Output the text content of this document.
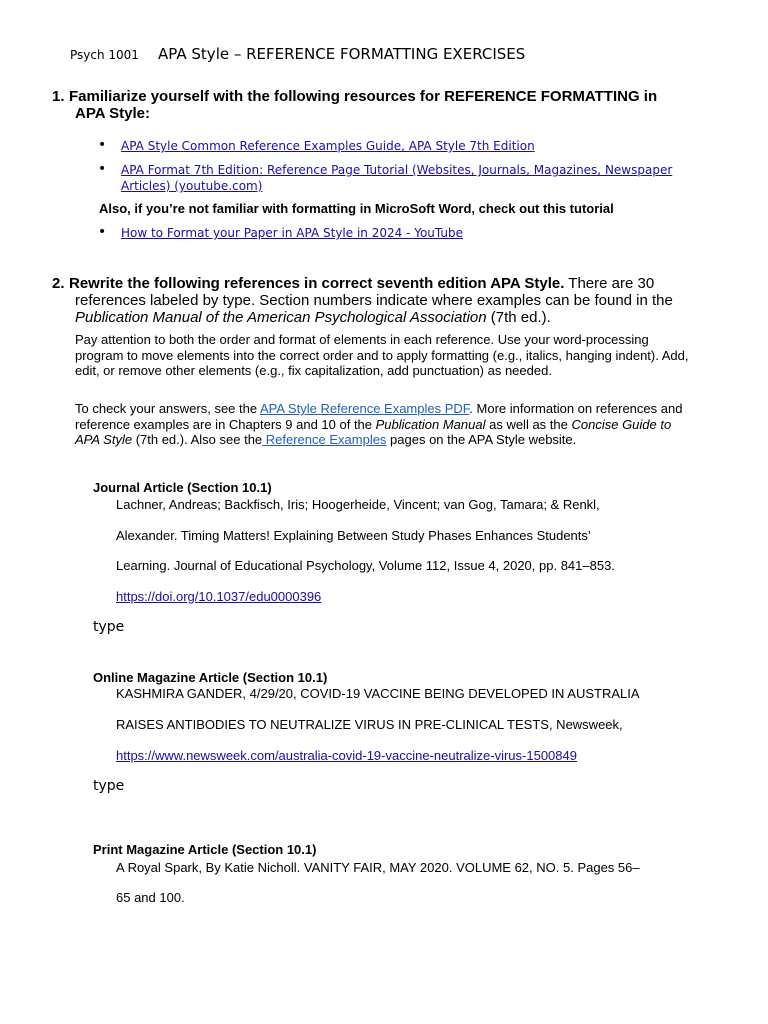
Psych 1001 APA Style – REFERENCE FORMATTING EXERCISES
1. Familiarize yourself with the following resources for REFERENCE FORMATTING in
APA Style:
• APA Style Common Reference Examples Guide, APA Style 7th Edition
• APA Format 7th Edition: Reference Page Tutorial (Websites, Journals, Magazines, Newspaper Articles) (youtube.com)
Also, if you’re not familiar with formatting in MicroSoft Word, check out this tutorial
• How to Format your Paper in APA Style in 2024 - YouTube
2. Rewrite the following references in correct seventh edition APA Style. There are 30 references labeled by type. Section numbers indicate where examples can be found in the Publication Manual of the American Psychological Association (7th ed.).
Pay attention to both the order and format of elements in each reference. Use your word-processing program to move elements into the correct order and to apply formatting (e.g., italics, hanging indent). Add, edit, or remove other elements (e.g., fix capitalization, add punctuation) as needed.
To check your answers, see the APA Style Reference Examples PDF. More information on references and reference examples are in Chapters 9 and 10 of the Publication Manual as well as the Concise Guide to APA Style (7th ed.). Also see the Reference Examples pages on the APA Style website.
Journal Article (Section 10.1)
Lachner, Andreas; Backfisch, Iris; Hoogerheide, Vincent; van Gog, Tamara; & Renkl,
Alexander. Timing Matters! Explaining Between Study Phases Enhances Students’
Learning. Journal of Educational Psychology, Volume 112, Issue 4, 2020, pp. 841–853.
https://doi.org/10.1037/edu0000396
type
Online Magazine Article (Section 10.1)
KASHMIRA GANDER, 4/29/20, COVID-19 VACCINE BEING DEVELOPED IN AUSTRALIA
RAISES ANTIBODIES TO NEUTRALIZE VIRUS IN PRE-CLINICAL TESTS, Newsweek,
https://www.newsweek.com/australia-covid-19-vaccine-neutralize-virus-1500849
type
Print Magazine Article (Section 10.1)
A Royal Spark, By Katie Nicholl. VANITY FAIR, MAY 2020. VOLUME 62, NO. 5. Pages 56–
65 and 100.
